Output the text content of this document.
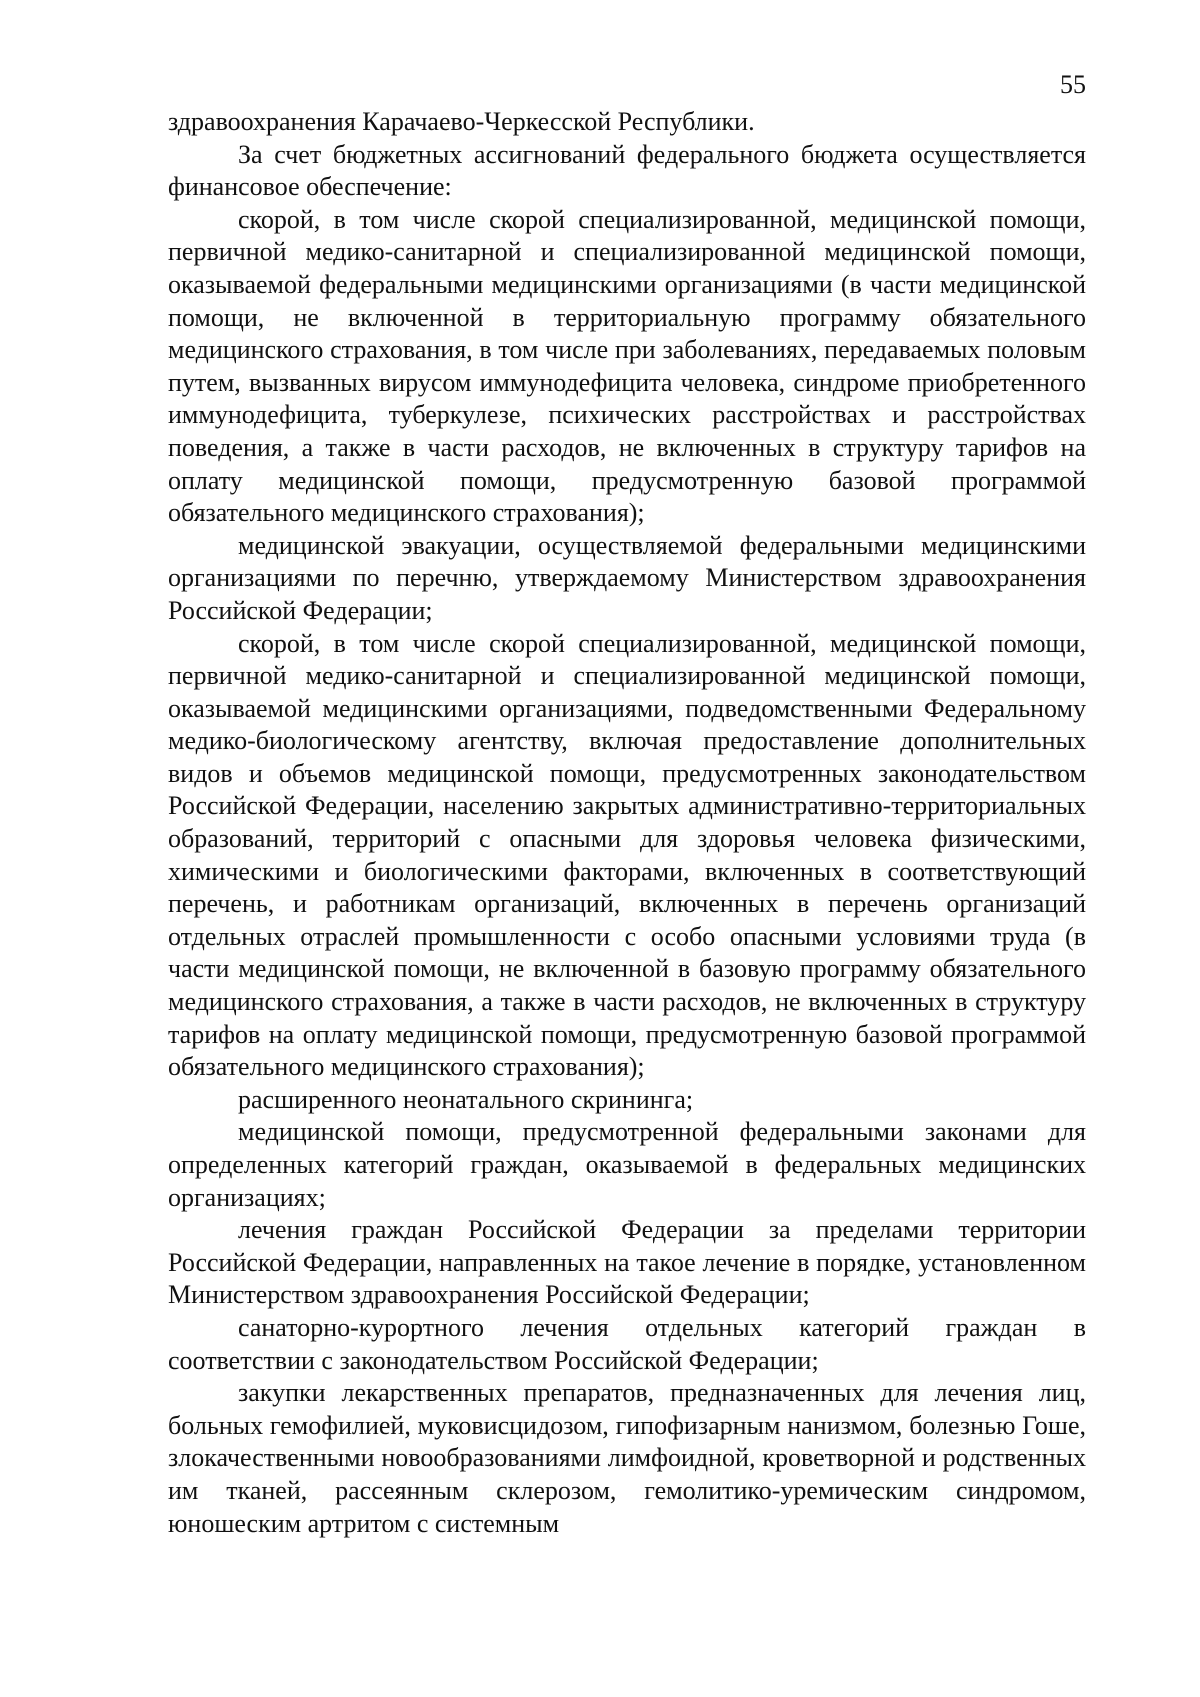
55

здравоохранения Карачаево-Черкесской Республики.

За счет бюджетных ассигнований федерального бюджета осуществляется финансовое обеспечение:

скорой, в том числе скорой специализированной, медицинской помощи, первичной медико-санитарной и специализированной медицинской помощи, оказываемой федеральными медицинскими организациями (в части медицинской помощи, не включенной в территориальную программу обязательного медицинского страхования, в том числе при заболеваниях, передаваемых половым путем, вызванных вирусом иммунодефицита человека, синдроме приобретенного иммунодефицита, туберкулезе, психических расстройствах и расстройствах поведения, а также в части расходов, не включенных в структуру тарифов на оплату медицинской помощи, предусмотренную базовой программой обязательного медицинского страхования);

медицинской эвакуации, осуществляемой федеральными медицинскими организациями по перечню, утверждаемому Министерством здравоохранения Российской Федерации;

скорой, в том числе скорой специализированной, медицинской помощи, первичной медико-санитарной и специализированной медицинской помощи, оказываемой медицинскими организациями, подведомственными Федеральному медико-биологическому агентству, включая предоставление дополнительных видов и объемов медицинской помощи, предусмотренных законодательством Российской Федерации, населению закрытых административно-территориальных образований, территорий с опасными для здоровья человека физическими, химическими и биологическими факторами, включенных в соответствующий перечень, и работникам организаций, включенных в перечень организаций отдельных отраслей промышленности с особо опасными условиями труда (в части медицинской помощи, не включенной в базовую программу обязательного медицинского страхования, а также в части расходов, не включенных в структуру тарифов на оплату медицинской помощи, предусмотренную базовой программой обязательного медицинского страхования);

расширенного неонатального скрининга;

медицинской помощи, предусмотренной федеральными законами для определенных категорий граждан, оказываемой в федеральных медицинских организациях;

лечения граждан Российской Федерации за пределами территории Российской Федерации, направленных на такое лечение в порядке, установленном Министерством здравоохранения Российской Федерации;

санаторно-курортного лечения отдельных категорий граждан в соответствии с законодательством Российской Федерации;

закупки лекарственных препаратов, предназначенных для лечения лиц, больных гемофилией, муковисцидозом, гипофизарным нанизмом, болезнью Гоше, злокачественными новообразованиями лимфоидной, кроветворной и родственных им тканей, рассеянным склерозом, гемолитико-уремическим синдромом, юношеским артритом с системным
